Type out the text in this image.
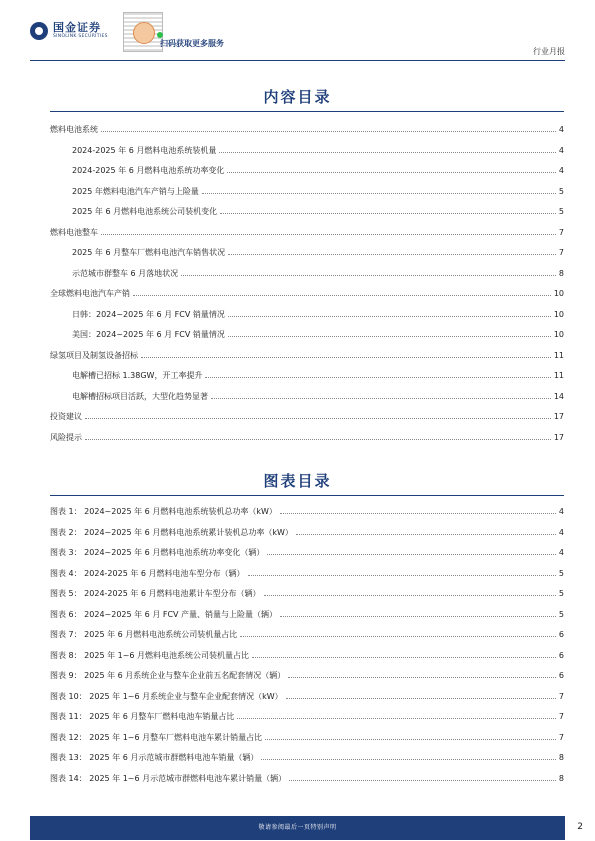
国金证券
SINOLINK SECURITIES
扫码获取更多服务
行业月报
内容目录
燃料电池系统	4
2024-2025 年 6 月燃料电池系统装机量	4
2024-2025 年 6 月燃料电池系统功率变化	4
2025 年燃料电池汽车产销与上险量	5
2025 年 6 月燃料电池系统公司装机变化	5
燃料电池整车	7
2025 年 6 月整车厂燃料电池汽车销售状况	7
示范城市群整车 6 月落地状况	8
全球燃料电池汽车产销	10
日韩：2024~2025 年 6 月 FCV 销量情况	10
美国：2024~2025 年 6 月 FCV 销量情况	10
绿氢项目及制氢设备招标	11
电解槽已招标 1.38GW，开工率提升	11
电解槽招标项目活跃，大型化趋势显著	14
投资建议	17
风险提示	17
图表目录
图表 1： 2024~2025 年 6 月燃料电池系统装机总功率（kW）	4
图表 2： 2024~2025 年 6 月燃料电池系统累计装机总功率（kW）	4
图表 3： 2024~2025 年 6 月燃料电池系统功率变化（辆）	4
图表 4： 2024-2025 年 6 月燃料电池车型分布（辆）	5
图表 5： 2024-2025 年 6 月燃料电池累计车型分布（辆）	5
图表 6： 2024~2025 年 6 月 FCV 产量、销量与上险量（辆）	5
图表 7： 2025 年 6 月燃料电池系统公司装机量占比	6
图表 8： 2025 年 1~6 月燃料电池系统公司装机量占比	6
图表 9： 2025 年 6 月系统企业与整车企业前五名配套情况（辆）	6
图表 10： 2025 年 1~6 月系统企业与整车企业配套情况（kW）	7
图表 11： 2025 年 6 月整车厂燃料电池车销量占比	7
图表 12： 2025 年 1~6 月整车厂燃料电池车累计销量占比	7
图表 13： 2025 年 6 月示范城市群燃料电池车销量（辆）	8
图表 14： 2025 年 1~6 月示范城市群燃料电池车累计销量（辆）	8
敬请参阅最后一页特别声明	2
